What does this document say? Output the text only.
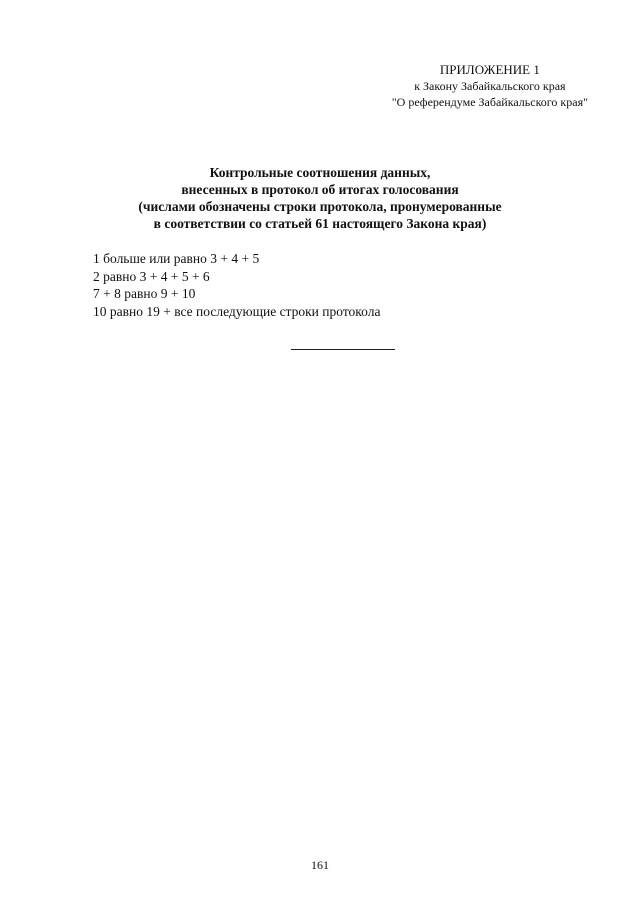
ПРИЛОЖЕНИЕ 1
к Закону Забайкальского края
"О референдуме Забайкальского края"
Контрольные соотношения данных,
внесенных в протокол об итогах голосования
(числами обозначены строки протокола, пронумерованные
в соответствии со статьей 61 настоящего Закона края)
1 больше или равно 3 + 4 + 5
2 равно 3 + 4 + 5 + 6
7 + 8 равно 9 + 10
10 равно 19 + все последующие строки протокола
161
